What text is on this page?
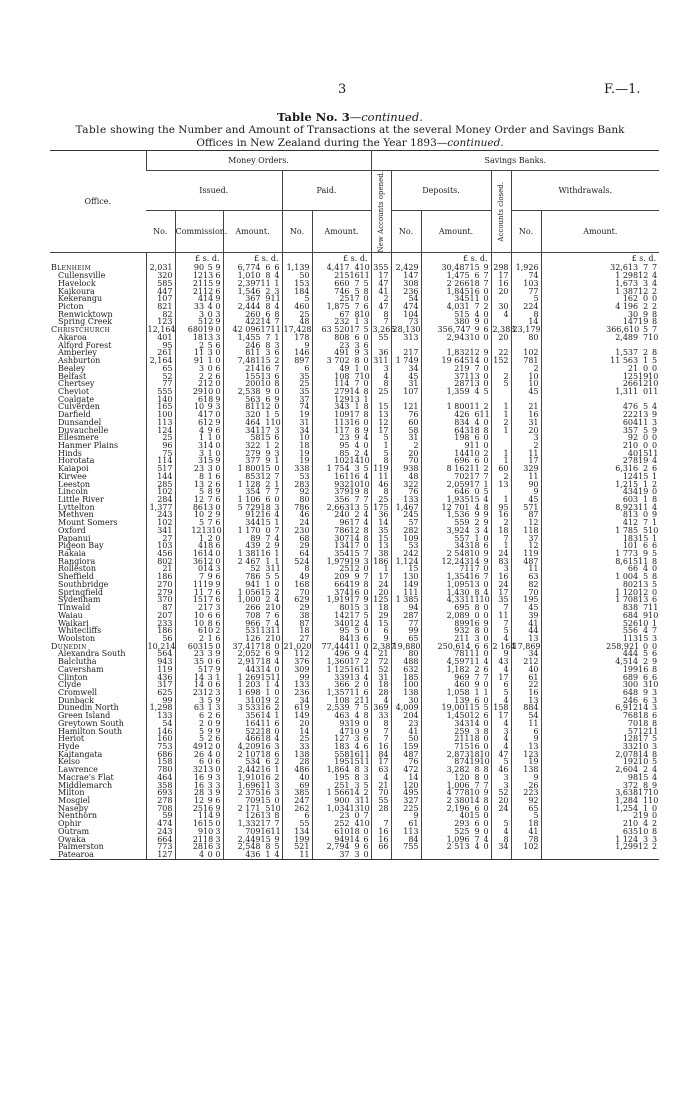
3	F.—1.
Table No. 3—continued.
Table showing the Number and Amount of Transactions at the several Money Order and Savings Bank
Offices in New Zealand during the Year 1893—continued.
Office.	Money Orders.					Savings Banks.					
	Issued.			Paid.		New Accounts opened.	Deposits.		Accounts closed.	Withdrawals.	
	No.	Commission.	Amount.	No.	Amount.		No.	Amount.		No.	Amount.
		£ s. d.	£ s. d.		£ s. d.			£ s. d.			£ s. d.
Blenheim	2,031	90 5 9	6,774 6 6	1,139	4,417 4 10	355	2,429	30,487 15 9	298	1,926	32,613 7 7

Cullensville	320	12 13 6	1,010 8 4	50	215 16 11	17	147	1,475 6 7	17	74	1 298 12 4

Havelock	585	21 15 9	2,397 11 1	153	660 7 5	47	308	2 266 18 7	16	103	1,673 3 4

Kaikoura	447	21 12 6	1,546 2 3	184	746 5 8	41	236	1,845 16 0	20	77	1 387 12 2

Kekerangu	107	4 14 9	367 9 11	5	25 17 0	2	54	345 11 0		5	162 0 0

Picton	821	33 4 0	2,444 8 4	460	1,875 7 6	47	474	4,031 7 2	30	224	4 196 2 2

Renwicktown	82	3 0 3	260 6 8	25	67 8 10	8	104	515 4 0	4	8	30 9 8

Spring Creek	123	5 12 9	422 14 7	48	232 1 3	7	73	380 9 0		14	147 19 8

Christchurch	12,164	680 19 0	42 096 17 11	17,428	63 520 17 5	3,265	28,130	356,747 9 6	2,383	23,179	366,610 5 7

Akaroa	401	18 13 3	1,455 7 1	178	808 6 0	55	313	2,943 10 0	20	80	2,489 7 10

Alford Forest	95	2 5 6	246 8 3	9	23 3 6						

Amberley	261	11 3 0	811 3 6	146	491 9 3	36	217	1,832 12 9	22	102	1,537 2 8

Ashburton	2,164	91 1 0	7,481 15 2	897	3 702 8 0	311	1 749	19 645 14 0	152	781	11 563 1 5

Bealey	65	3 0 6	214 16 7	6	49 1 0	3	34	219 7 0		2	21 0 0

Belfast	52	2 2 6	155 13 6	35	108 7 10	4	45	371 13 0	2	10	125 19 10

Chertsey	77	2 12 0	200 10 8	25	114 7 0	8	31	287 13 0	5	10	266 12 10

Cheviot	555	29 10 0	2,538 9 0	35	279 14 8	25	107	1,359 4 5		45	1,311 0 11

Coalgate	140	6 18 9	563 6 9	37	129 13 1						

Culverden	165	10 9 3	811 12 0	74	343 1 8	15	121	1 800 11 2	1	21	476 5 4

Darfield	100	4 17 0	320 1 5	19	109 17 8	13	76	426 6 11	1	16	222 13 9

Dunsandel	113	6 12 9	464 1 10	31	113 16 0	12	60	834 4 0	2	31	604 11 3

Duvauchelle	124	4 9 6	341 17 3	34	117 8 9	17	58	643 18 8	1	20	357 5 9

Ellesmere	25	1 1 0	58 15 6	10	23 9 4	5	31	198 6 0		3	92 0 0

Hanmer Plains	96	3 14 0	322 1 2	18	95 4 0	1	2	9 11 0		2	210 0 0

Hinds	75	3 1 0	279 9 3	19	85 2 4	5	20	144 10 2	1	11	40 15 11

Horotata	114	3 15 9	377 9 1	19	102 14 10	8	70	696 6 0	1	17	278 19 4

Kaiapoi	517	23 3 0	1 800 15 0	338	1 754 3 5	119	938	8 162 11 2	60	329	6,316 2 6

Kirwee	144	8 1 6	853 12 7	53	161 16 4	11	48	702 17 7	2	11	124 15 1

Leeston	285	13 2 6	1 128 2 1	283	932 10 10	46	322	2,059 17 1	13	90	1,215 1 2

Lincoln	102	5 8 9	354 7 7	92	379 19 8	8	76	646 0 5		9	434 19 0

Little River	284	12 7 6	1 106 6 0	80	356 7 7	25	133	1,935 15 4	1	45	603 1 8

Lyttelton	1,377	86 13 0	5 729 18 3	786	2,663 13 5	175	1,467	12 701 4 8	95	571	8,923 11 4

Methven	243	10 2 9	912 16 4	46	240 2 4	36	245	1,536 9 9	16	87	813 0 9

Mount Somers	102	5 7 6	344 15 1	24	96 17 4	14	57	559 2 9	2	12	412 7 1

Oxford	341	12 13 10	1 170 0 7	230	786 12 8	35	282	3,924 3 4	18	118	1 785 5 10

Papanui	27	1 2 0	89 7 4	68	307 14 8	15	109	557 1 0	7	37	183 15 1

Pigeon Bay	103	4 18 6	439 2 9	29	134 17 0	13	53	343 18 6	1	12	101 6 6

Rakaia	456	16 14 0	1 381 16 1	64	354 15 7	38	242	2 548 10 9	24	119	1 773 9 5

Rangiora	802	36 12 0	2 467 1 1	524	1,979 19 3	186	1,124	12,243 14 9	83	487	8,615 11 8

Rolleston	21	0 14 3	52 3 11	8	25 12 0	1	15	71 17 0	3	11	66 4 0

Sheffield	186	7 9 6	786 5 5	49	209 9 7	17	130	1,354 16 7	16	63	1 004 5 8

Southbridge	270	11 19 9	941 1 0	168	664 19 8	24	149	1,095 13 0	24	82	802 13 5

Springfield	279	11 7 6	1 056 15 2	70	374 16 0	20	111	1,430 8 4	17	70	1 120 12 0

Sydenham	370	15 17 6	1,000 2 4	629	1,919 17 9	125	1 385	4,331 11 10	35	195	1 708 13 6

Tinwald	87	2 17 3	266 2 10	29	80 15 3	18	94	695 8 0	7	45	838 7 11

Waiau	207	10 6 6	708 7 6	38	142 17 5	29	287	2,089 0 0	11	39	684 9 10

Waikari	233	10 8 6	966 7 4	87	340 12 4	15	77	899 16 9	7	41	526 10 1

Whitecliffs	186	6 10 2	531 13 11	18	95 5 0	6	99	932 8 0	5	44	556 4 7

Woolston	56	2 1 6	126 2 10	27	84 13 6	9	65	211 3 0	4	13	113 15 3

Dunedin	10,214	603 15 0	37,417 18 0	21,020	77,444 11 0	2,387	19,880	250,614 6 6	2 164	17,869	258,921 0 0

Alexandra South	564	23 3 9	2,052 6 9	112	496 9 4	21	80	781 11 0	9	34	444 5 6

Balclutha	943	35 0 6	2,917 18 4	376	1,360 17 2	72	488	4,597 11 4	43	212	4,514 2 9

Caversham	119	5 17 9	443 14 0	309	1 125 16 11	52	632	1,182 2 6	4	40	199 16 8

Clinton	436	14 3 1	1 269 15 11	99	339 13 4	31	185	969 7 7	17	61	689 6 6

Clyde	317	14 0 6	1 203 1 4	133	366 2 0	18	100	460 9 0	6	22	300 3 10

Cromwell	625	23 12 3	1 698 1 0	236	1,357 11 6	28	138	1,058 1 1	5	16	648 9 3

Dunback	99	3 5 9	310 19 2	34	108 2 11	4	30	139 6 0	4	13	246 6 3

Dunedin North	1,298	63 1 3	3 533 16 2	619	2,539 7 5	369	4,009	19,001 15 5	158	884	6,912 14 3

Green Island	133	6 2 6	356 14 1	149	463 4 8	33	204	1,450 12 6	17	54	768 18 6

Greytown South	54	2 0 9	164 11 6	20	93 19 0	8	23	343 14 0	4	11	70 18 8

Hamilton South	146	5 9 9	522 18 0	14	47 10 9	7	41	259 3 8	3	6	57 12 11

Heriot	160	5 2 6	466 18 4	25	127 3 6	7	50	211 18 0	4	9	128 17 5

Hyde	753	49 12 0	4,209 16 3	33	183 4 6	16	159	715 16 0	4	13	332 10 3

Kaitangata	686	26 4 0	2 107 18 6	138	558 16 11	84	487	2,873 18 10	47	123	2,078 14 8

Kelso	158	6 0 6	534 6 2	28	195 15 11	17	76	874 19 10	5	19	192 10 5

Lawrence	780	32 13 0	2,442 16 1	486	1,864 8 3	63	472	3,282 8 8	46	138	2,604 2 4

Macrae's Flat	464	16 9 3	1,910 16 2	40	195 8 3	4	14	120 8 0	3	9	98 15 4

Middlemarch	358	16 3 3	1,696 11 3	69	251 3 5	21	120	1,006 7 7	3	26	372 8 9

Milton	693	28 3 9	2 375 16 3	385	1 566 14 2	70	495	4 778 10 9	52	223	3,638 17 10

Mosgiel	278	12 9 6	709 15 0	247	900 3 11	55	327	2 380 14 8	20	92	1,284 1 10

Naseby	708	25 16 9	2 171 5 10	262	1,034 13 10	28	225	2,196 6 0	24	65	1,254 1 0

Nenthorn	59	1 14 9	126 13 8	6	23 0 7		9	40 15 0		5	2 19 0

Ophir	474	16 15 0	1,332 17 7	55	252 4 10	7	61	293 6 0	5	18	210 4 2

Outram	243	9 10 3	709 16 11	134	610 18 0	16	113	525 9 0	4	41	635 10 8

Owaka	664	21 18 3	2,449 15 9	199	949 14 6	16	84	1,096 7 4	8	78	1 124 3 3

Palmerston	773	28 16 3	2,548 8 5	521	2,794 9 6	66	755	2 513 4 0	34	102	1,299 12 2

Patearoa	127	4 0 0	436 1 4	11	37 3 0						
